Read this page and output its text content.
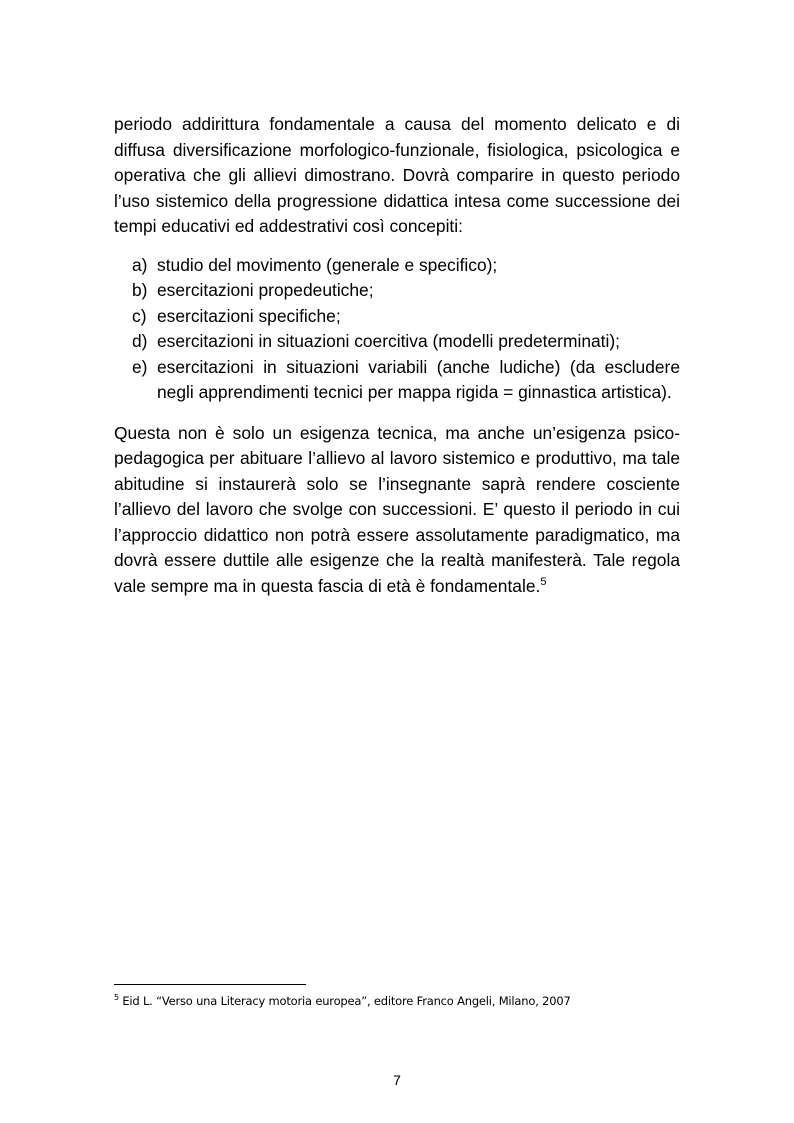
periodo addirittura fondamentale a causa del momento delicato e di diffusa diversificazione morfologico-funzionale, fisiologica, psicologica e operativa che gli allievi dimostrano. Dovrà comparire in questo periodo l’uso sistemico della progressione didattica intesa come successione dei tempi educativi ed addestrativi così concepiti:

a) studio del movimento (generale e specifico);
b) esercitazioni propedeutiche;
c) esercitazioni specifiche;
d) esercitazioni in situazioni coercitiva (modelli predeterminati);
e) esercitazioni in situazioni variabili (anche ludiche) (da escludere negli apprendimenti tecnici per mappa rigida = ginnastica artistica).

Questa non è solo un esigenza tecnica, ma anche un’esigenza psico-pedagogica per abituare l’allievo al lavoro sistemico e produttivo, ma tale abitudine si instaurerà solo se l’insegnante saprà rendere cosciente l’allievo del lavoro che svolge con successioni. E’ questo il periodo in cui l’approccio didattico non potrà essere assolutamente paradigmatico, ma dovrà essere duttile alle esigenze che la realtà manifesterà. Tale regola vale sempre ma in questa fascia di età è fondamentale.$^5$

$^5$ Eid L. “Verso una Literacy motoria europea”, editore Franco Angeli, Milano, 2007
7
